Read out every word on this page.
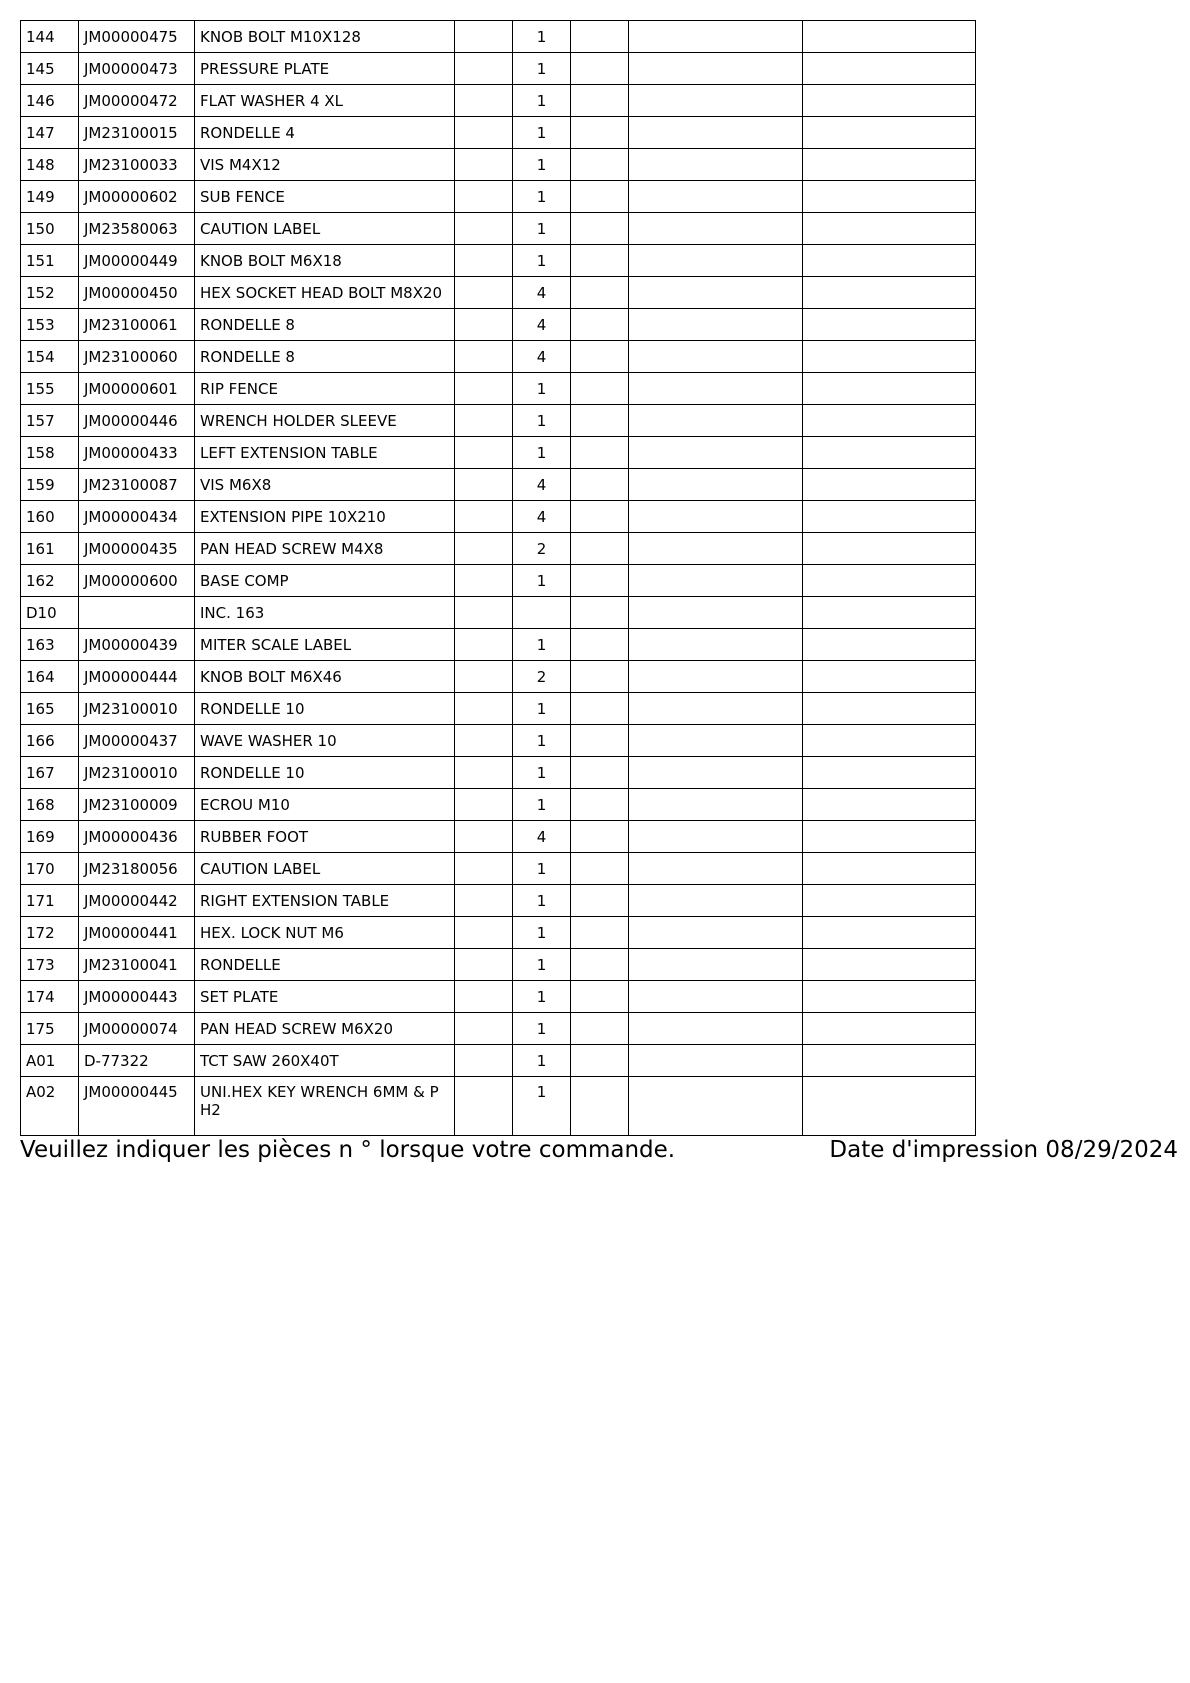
144	JM00000475	KNOB BOLT M10X128		1			
145	JM00000473	PRESSURE PLATE		1			
146	JM00000472	FLAT WASHER 4 XL		1			
147	JM23100015	RONDELLE 4		1			
148	JM23100033	VIS M4X12		1			
149	JM00000602	SUB FENCE		1			
150	JM23580063	CAUTION LABEL		1			
151	JM00000449	KNOB BOLT M6X18		1			
152	JM00000450	HEX SOCKET HEAD BOLT M8X20		4			
153	JM23100061	RONDELLE 8		4			
154	JM23100060	RONDELLE 8		4			
155	JM00000601	RIP FENCE		1			
157	JM00000446	WRENCH HOLDER SLEEVE		1			
158	JM00000433	LEFT EXTENSION TABLE		1			
159	JM23100087	VIS M6X8		4			
160	JM00000434	EXTENSION PIPE 10X210		4			
161	JM00000435	PAN HEAD SCREW M4X8		2			
162	JM00000600	BASE COMP		1			
D10		INC. 163					
163	JM00000439	MITER SCALE LABEL		1			
164	JM00000444	KNOB BOLT M6X46		2			
165	JM23100010	RONDELLE 10		1			
166	JM00000437	WAVE WASHER 10		1			
167	JM23100010	RONDELLE 10		1			
168	JM23100009	ECROU M10		1			
169	JM00000436	RUBBER FOOT		4			
170	JM23180056	CAUTION LABEL		1			
171	JM00000442	RIGHT EXTENSION TABLE		1			
172	JM00000441	HEX. LOCK NUT M6		1			
173	JM23100041	RONDELLE		1			
174	JM00000443	SET PLATE		1			
175	JM00000074	PAN HEAD SCREW M6X20		1			
A01	D-77322	TCT SAW 260X40T		1			
A02	JM00000445	UNI.HEX KEY WRENCH 6MM & PH2		1			
Veuillez indiquer les pièces n ° lorsque votre commande.	Date d'impression 08/29/2024
